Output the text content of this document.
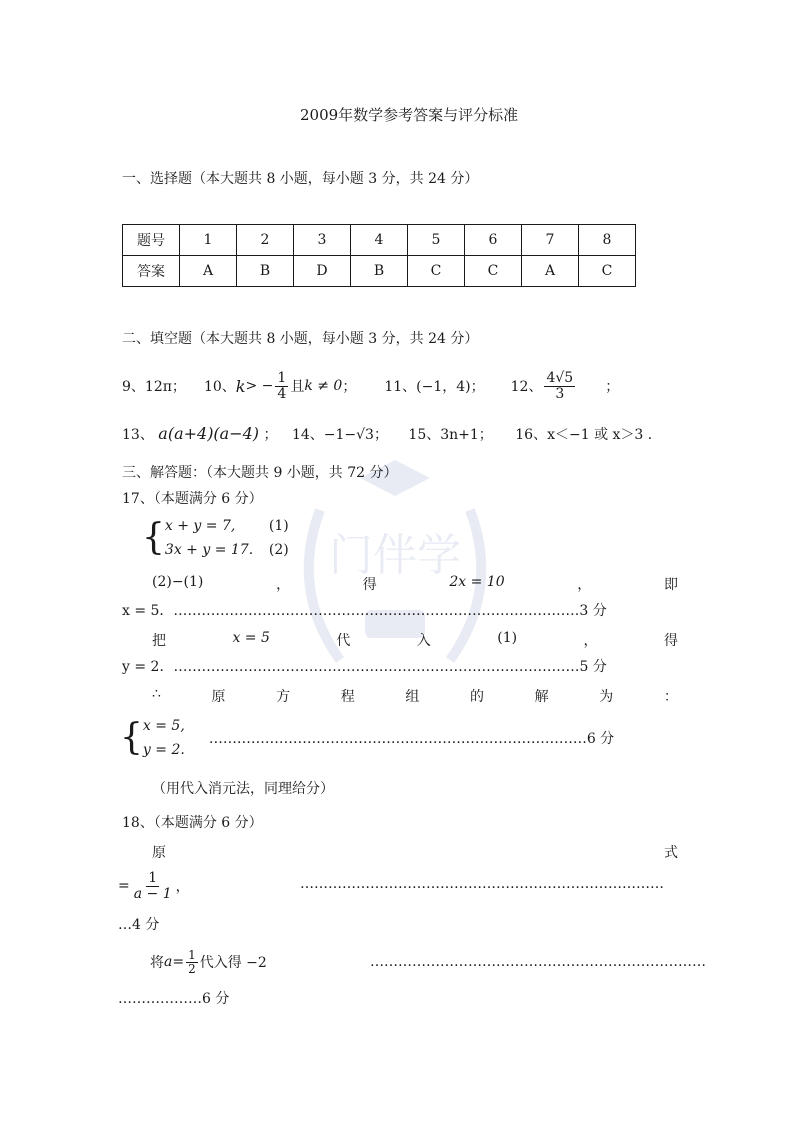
2009年数学参考答案与评分标准
一、选择题（本大题共 8 小题，每小题 3 分，共 24 分）
题号	1	2	3	4	5	6	7	8
答案	A	B	D	B	C	C	A	C
二、填空题（本大题共 8 小题，每小题 3 分，共 24 分）
9、12π； 10、 k > − $\frac{1}{4}$ 且 k ≠ 0 ； 11、(−1，4)； 12、 $\frac{4√5}{3}$ ；
13、 a(a+4)(a−4) ； 14、−1−√3； 15、3n+1； 16、x＜−1 或 x＞3 ．
门伴学
三、解答题：（本大题共 9 小题，共 72 分）
17、（本题满分 6 分）
{ x + y = 7, (1)
3x + y = 17. (2)
(2)−(1)	，	得	2x = 10	，	即
x = 5．……………………………………………………………………………3 分
把	x = 5	代	入	(1)	，	得
y = 2．……………………………………………………………………………5 分
∴	原	方	程	组	的	解	为	：
{ x = 5,
y = 2.
………………………………………………………………………6 分
（用代入消元法，同理给分）
18、（本题满分 6 分）
原	式
= $\frac{1}{a - 1}$ ，	……………………………………………………………………
…4 分
将 $a = \frac{1}{2}$ 代入得 −2	………………………………………………………………
………………6 分
